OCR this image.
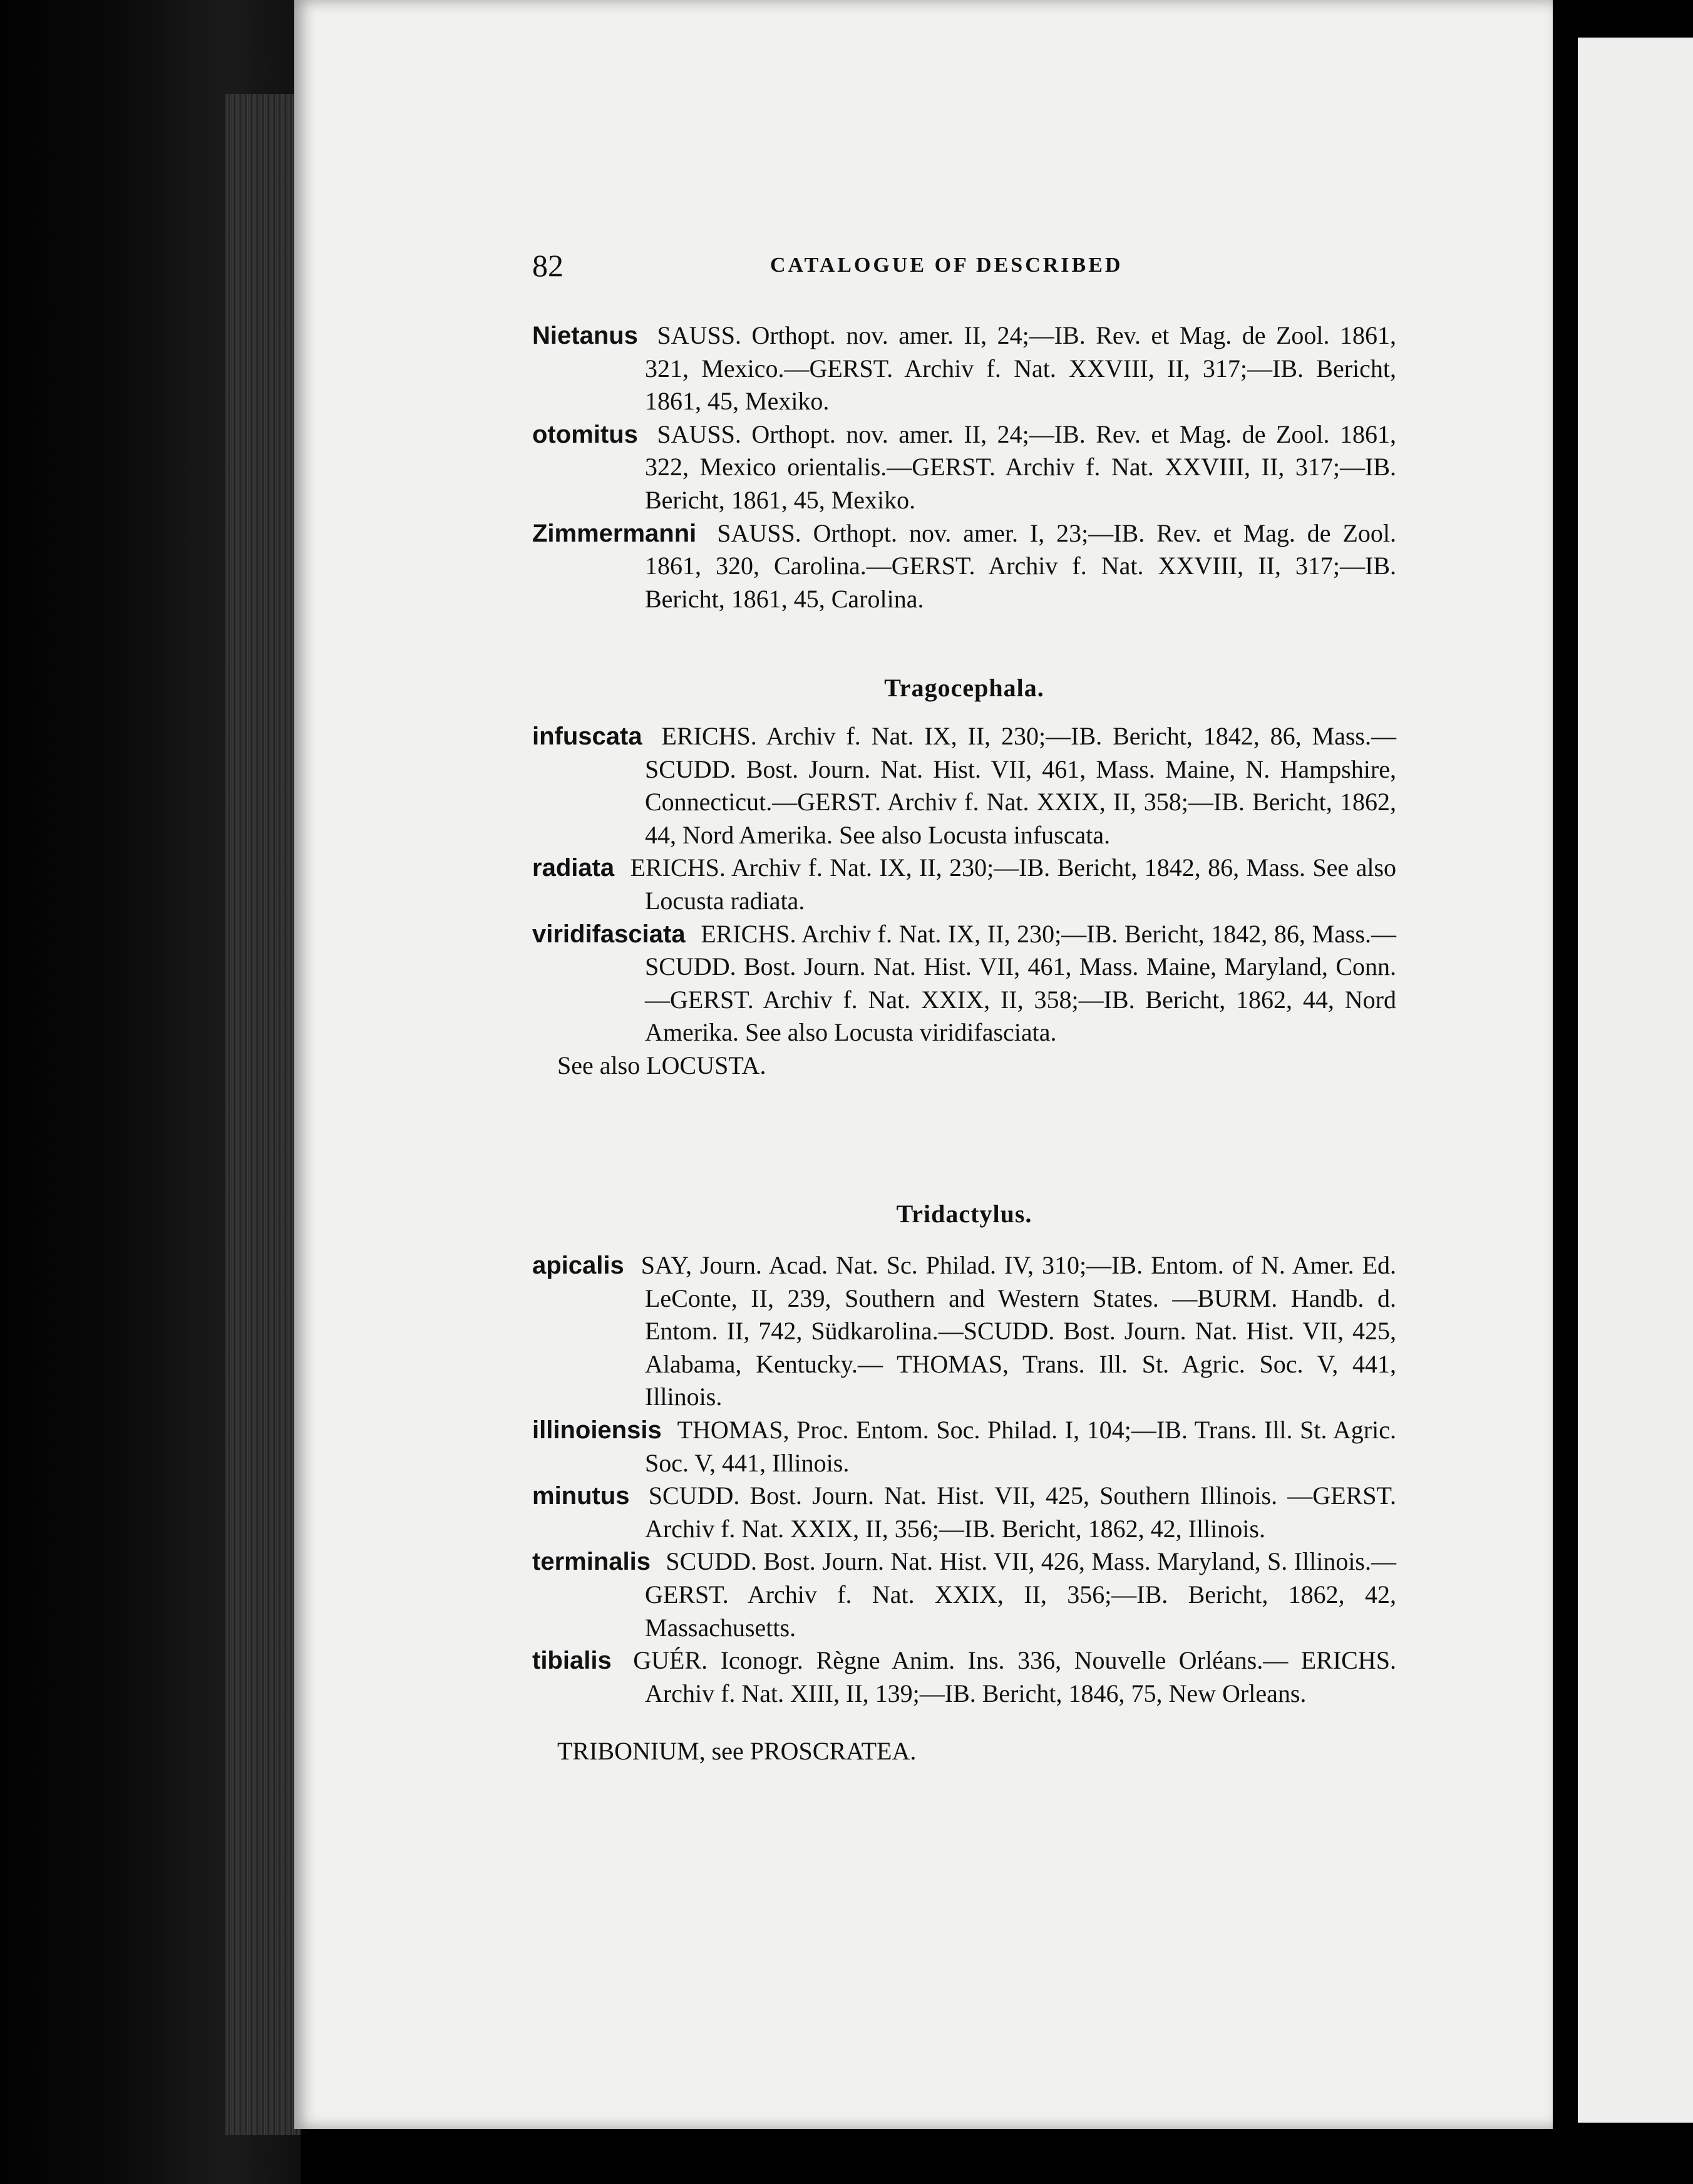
82	CATALOGUE OF DESCRIBED

Nietanus SAUSS. Orthopt. nov. amer. II, 24;—IB. Rev. et Mag. de Zool. 1861, 321, Mexico.—GERST. Archiv f. Nat. XXVIII, II, 317;—IB. Bericht, 1861, 45, Mexiko.

otomitus SAUSS. Orthopt. nov. amer. II, 24;—IB. Rev. et Mag. de Zool. 1861, 322, Mexico orientalis.—GERST. Archiv f. Nat. XXVIII, II, 317;—IB. Bericht, 1861, 45, Mexiko.

Zimmermanni SAUSS. Orthopt. nov. amer. I, 23;—IB. Rev. et Mag. de Zool. 1861, 320, Carolina.—GERST. Archiv f. Nat. XXVIII, II, 317;—IB. Bericht, 1861, 45, Carolina.

Tragocephala.

infuscata ERICHS. Archiv f. Nat. IX, II, 230;—IB. Bericht, 1842, 86, Mass.—SCUDD. Bost. Journ. Nat. Hist. VII, 461, Mass. Maine, N. Hampshire, Connecticut.—GERST. Archiv f. Nat. XXIX, II, 358;—IB. Bericht, 1862, 44, Nord Amerika. See also Locusta infuscata.

radiata ERICHS. Archiv f. Nat. IX, II, 230;—IB. Bericht, 1842, 86, Mass. See also Locusta radiata.

viridifasciata ERICHS. Archiv f. Nat. IX, II, 230;—IB. Bericht, 1842, 86, Mass.—SCUDD. Bost. Journ. Nat. Hist. VII, 461, Mass. Maine, Maryland, Conn.—GERST. Archiv f. Nat. XXIX, II, 358;—IB. Bericht, 1862, 44, Nord Amerika. See also Locusta viridifasciata.

See also LOCUSTA.

Tridactylus.

apicalis SAY, Journ. Acad. Nat. Sc. Philad. IV, 310;—IB. Entom. of N. Amer. Ed. LeConte, II, 239, Southern and Western States. —BURM. Handb. d. Entom. II, 742, Südkarolina.—SCUDD. Bost. Journ. Nat. Hist. VII, 425, Alabama, Kentucky.— THOMAS, Trans. Ill. St. Agric. Soc. V, 441, Illinois.

illinoiensis THOMAS, Proc. Entom. Soc. Philad. I, 104;—IB. Trans. Ill. St. Agric. Soc. V, 441, Illinois.

minutus SCUDD. Bost. Journ. Nat. Hist. VII, 425, Southern Illinois. —GERST. Archiv f. Nat. XXIX, II, 356;—IB. Bericht, 1862, 42, Illinois.

terminalis SCUDD. Bost. Journ. Nat. Hist. VII, 426, Mass. Maryland, S. Illinois.—GERST. Archiv f. Nat. XXIX, II, 356;—IB. Bericht, 1862, 42, Massachusetts.

tibialis GUÉR. Iconogr. Règne Anim. Ins. 336, Nouvelle Orléans.— ERICHS. Archiv f. Nat. XIII, II, 139;—IB. Bericht, 1846, 75, New Orleans.

TRIBONIUM, see PROSCRATEA.
